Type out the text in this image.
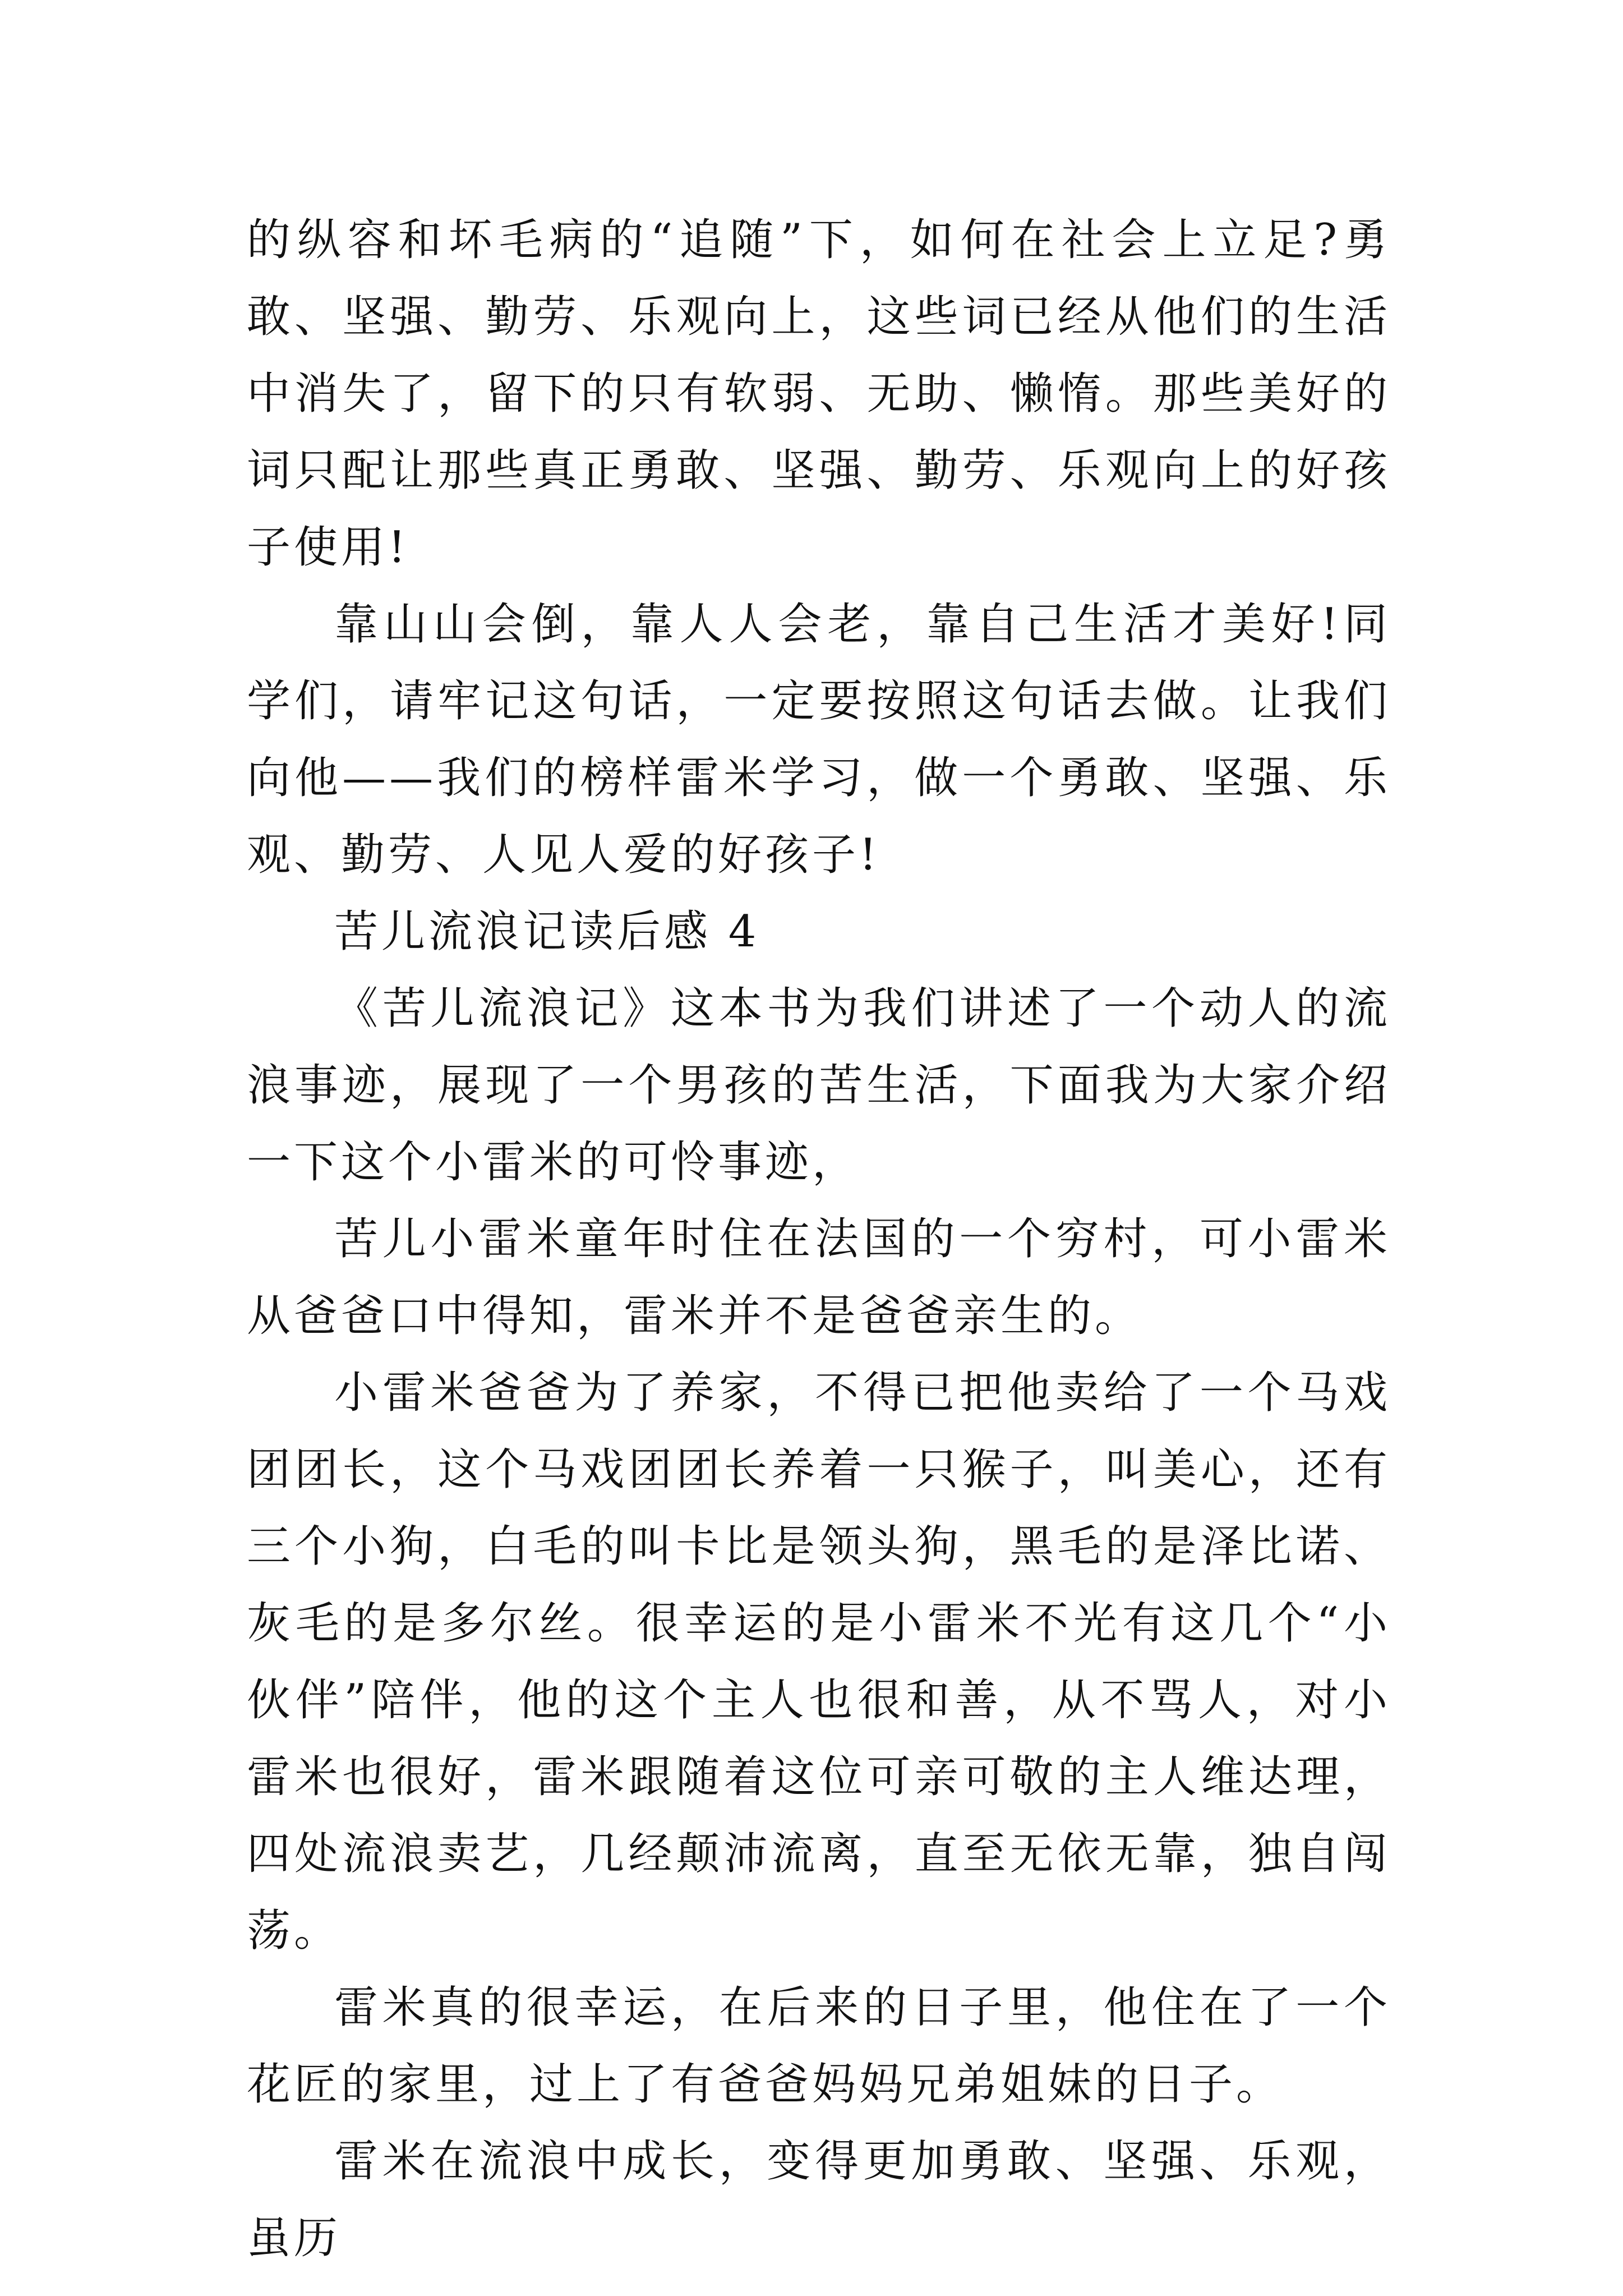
的纵容和坏毛病的“追随”下，如何在社会上立足?勇敢、坚强、勤劳、乐观向上，这些词已经从他们的生活中消失了，留下的只有软弱、无助、懒惰。那些美好的词只配让那些真正勇敢、坚强、勤劳、乐观向上的好孩子使用!

靠山山会倒，靠人人会老，靠自己生活才美好!同学们，请牢记这句话，一定要按照这句话去做。让我们向他——我们的榜样雷米学习，做一个勇敢、坚强、乐观、勤劳、人见人爱的好孩子!

苦儿流浪记读后感 4

《苦儿流浪记》这本书为我们讲述了一个动人的流浪事迹，展现了一个男孩的苦生活，下面我为大家介绍一下这个小雷米的可怜事迹，

苦儿小雷米童年时住在法国的一个穷村，可小雷米从爸爸口中得知，雷米并不是爸爸亲生的。

小雷米爸爸为了养家，不得已把他卖给了一个马戏团团长，这个马戏团团长养着一只猴子，叫美心，还有三个小狗，白毛的叫卡比是领头狗，黑毛的是泽比诺、灰毛的是多尔丝。很幸运的是小雷米不光有这几个“小伙伴”陪伴，他的这个主人也很和善，从不骂人，对小雷米也很好，雷米跟随着这位可亲可敬的主人维达理，四处流浪卖艺，几经颠沛流离，直至无依无靠，独自闯荡。

雷米真的很幸运，在后来的日子里，他住在了一个花匠的家里，过上了有爸爸妈妈兄弟姐妹的日子。

雷米在流浪中成长，变得更加勇敢、坚强、乐观，虽历
